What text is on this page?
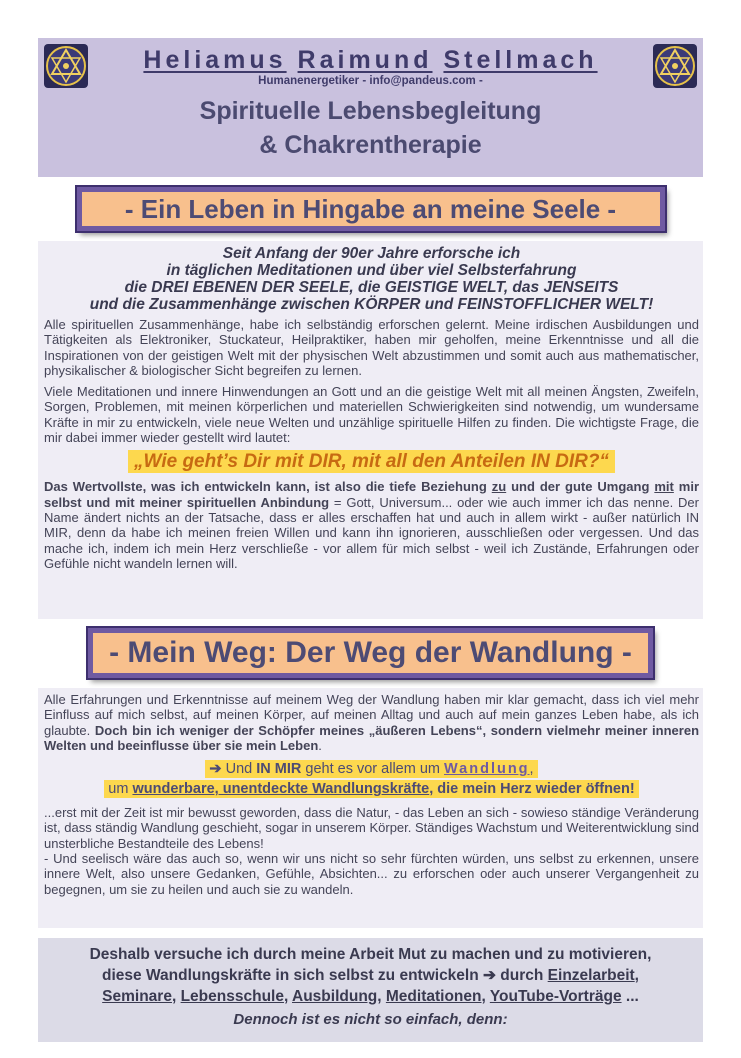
Heliamus Raimund Stellmach
Humanenergetiker - info@pandeus.com -
Spirituelle Lebensbegleitung
& Chakrentherapie
- Ein Leben in Hingabe an meine Seele -
Seit Anfang der 90er Jahre erforsche ich
in täglichen Meditationen und über viel Selbsterfahrung
die DREI EBENEN DER SEELE, die GEISTIGE WELT, das JENSEITS
und die Zusammenhänge zwischen KÖRPER und FEINSTOFFLICHER WELT!

Alle spirituellen Zusammenhänge, habe ich selbständig erforschen gelernt. Meine irdischen Ausbildungen und Tätigkeiten als Elektroniker, Stuckateur, Heilpraktiker, haben mir geholfen, meine Erkenntnisse und all die Inspirationen von der geistigen Welt mit der physischen Welt abzustimmen und somit auch aus mathematischer, physikalischer & biologischer Sicht begreifen zu lernen.

Viele Meditationen und innere Hinwendungen an Gott und an die geistige Welt mit all meinen Ängsten, Zweifeln, Sorgen, Problemen, mit meinen körperlichen und materiellen Schwierigkeiten sind notwendig, um wundersame Kräfte in mir zu entwickeln, viele neue Welten und unzählige spirituelle Hilfen zu finden. Die wichtigste Frage, die mir dabei immer wieder gestellt wird lautet:

„Wie geht’s Dir mit DIR, mit all den Anteilen IN DIR?“

Das Wertvollste, was ich entwickeln kann, ist also die tiefe Beziehung zu und der gute Umgang mit mir selbst und mit meiner spirituellen Anbindung = Gott, Universum... oder wie auch immer ich das nenne. Der Name ändert nichts an der Tatsache, dass er alles erschaffen hat und auch in allem wirkt - außer natürlich IN MIR, denn da habe ich meinen freien Willen und kann ihn ignorieren, ausschließen oder vergessen. Und das mache ich, indem ich mein Herz verschließe - vor allem für mich selbst - weil ich Zustände, Erfahrungen oder Gefühle nicht wandeln lernen will.

- Mein Weg: Der Weg der Wandlung -

Alle Erfahrungen und Erkenntnisse auf meinem Weg der Wandlung haben mir klar gemacht, dass ich viel mehr Einfluss auf mich selbst, auf meinen Körper, auf meinen Alltag und auch auf mein ganzes Leben habe, als ich glaubte. Doch bin ich weniger der Schöpfer meines „äußeren Lebens“, sondern vielmehr meiner inneren Welten und beeinflusse über sie mein Leben.

➔ Und IN MIR geht es vor allem um Wandlung,
um wunderbare, unentdeckte Wandlungskräfte, die mein Herz wieder öffnen!

...erst mit der Zeit ist mir bewusst geworden, dass die Natur, - das Leben an sich - sowieso ständige Veränderung ist, dass ständig Wandlung geschieht, sogar in unserem Körper. Ständiges Wachstum und Weiterentwicklung sind unsterbliche Bestandteile des Lebens!

- Und seelisch wäre das auch so, wenn wir uns nicht so sehr fürchten würden, uns selbst zu erkennen, unsere innere Welt, also unsere Gedanken, Gefühle, Absichten... zu erforschen oder auch unserer Vergangenheit zu begegnen, um sie zu heilen und auch sie zu wandeln.

Deshalb versuche ich durch meine Arbeit Mut zu machen und zu motivieren,
diese Wandlungskräfte in sich selbst zu entwickeln ➔ durch Einzelarbeit,
Seminare, Lebensschule, Ausbildung, Meditationen, YouTube-Vorträge ...
Dennoch ist es nicht so einfach, denn:
